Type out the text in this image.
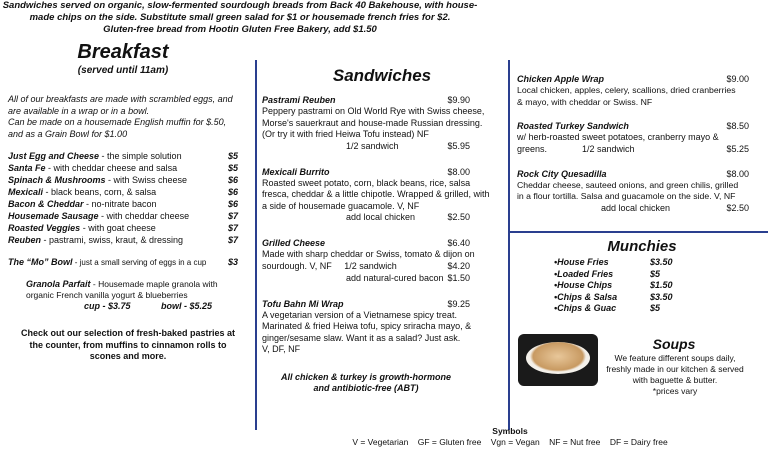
Sandwiches served on organic, slow-fermented sourdough breads from Back 40 Bakehouse, with house-
made chips on the side. Substitute small green salad for $1 or housemade french fries for $2.
Gluten-free bread from Hootin Gluten Free Bakery, add $1.50
Breakfast
(served until 11am)
All of our breakfasts are made with scrambled eggs, and
are available in a wrap or in a bowl.
Can be made on a housemade English muffin for $.50,
and as a Grain Bowl for $1.00
Just Egg and Cheese - the simple solution	$5
Santa Fe - with cheddar cheese and salsa	$5
Spinach & Mushrooms - with Swiss cheese	$6
Mexicali - black beans, corn, & salsa	$6
Bacon & Cheddar - no-nitrate bacon	$6
Housemade Sausage - with cheddar cheese	$7
Roasted Veggies - with goat cheese	$7
Reuben - pastrami, swiss, kraut, & dressing	$7
The “Mo” Bowl - just a small serving of eggs in a cup $3
Granola Parfait - Housemade maple granola with
organic French vanilla yogurt & blueberries
cup - $3.75	bowl - $5.25
Check out our selection of fresh-baked pastries at
the counter, from muffins to cinnamon rolls to
scones and more.
Sandwiches
Pastrami Reuben	$9.90
Peppery pastrami on Old World Rye with Swiss cheese,
Morse's sauerkraut and house-made Russian dressing.
(Or try it with fried Heiwa Tofu instead) NF
1/2 sandwich	$5.95
Mexicali Burrito	$8.00
Roasted sweet potato, corn, black beans, rice, salsa
fresca, cheddar & a little chipotle. Wrapped & grilled, with
a side of housemade guacamole. V, NF
add local chicken	$2.50
Grilled Cheese	$6.40
Made with sharp cheddar or Swiss, tomato & dijon on
sourdough. V, NF     1/2 sandwich	$4.20
add natural-cured bacon $1.50
Tofu Bahn Mi Wrap	$9.25
A vegetarian version of a Vietnamese spicy treat.
Marinated & fried Heiwa tofu, spicy sriracha mayo, &
ginger/sesame slaw. Want it as a salad? Just ask.
V, DF, NF
All chicken & turkey is growth-hormone
and antibiotic-free (ABT)
Chicken Apple Wrap	$9.00
Local chicken, apples, celery, scallions, dried cranberries
& mayo, with cheddar or Swiss. NF
Roasted Turkey Sandwich	$8.50
w/ herb-roasted sweet potatoes, cranberry mayo &
greens.              1/2 sandwich	$5.25
Rock City Quesadilla	$8.00
Cheddar cheese, sauteed onions, and green chilis, grilled
in a flour tortilla. Salsa and guacamole on the side. V, NF
add local chicken	$2.50
Munchies
•House Fries	$3.50
•Loaded Fries	$5
•House Chips	$1.50
•Chips & Salsa	$3.50
•Chips & Guac	$5
Soups
We feature different soups daily,
freshly made in our kitchen & served
with baguette & butter.
*prices vary
Symbols
V = Vegetarian    GF = Gluten free    Vgn = Vegan    NF = Nut free    DF = Dairy free
